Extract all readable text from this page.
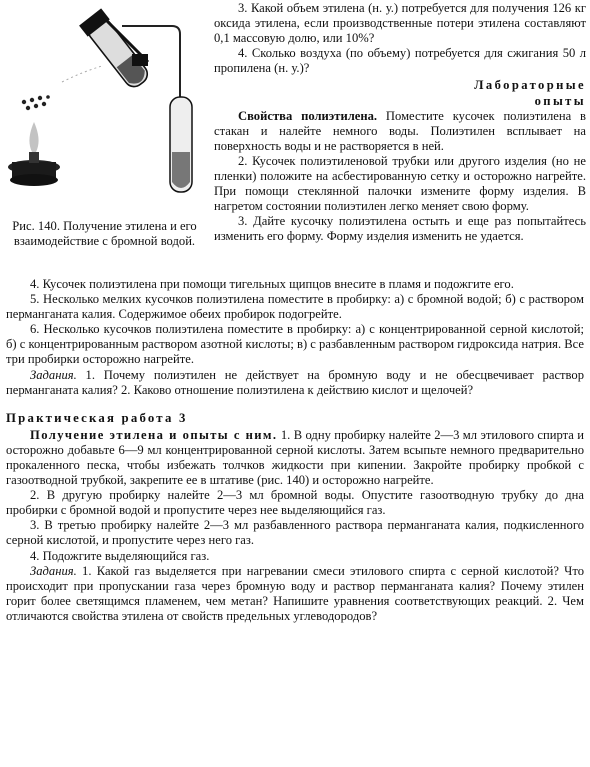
Рис. 140. Получение этилена и его взаимодействие с бромной водой.

3. Какой объем этилена (н. у.) потребуется для получения 126 кг оксида этилена, если производственные потери этилена составляют 0,1 массовую долю, или 10%?

4. Сколько воздуха (по объему) потребуется для сжигания 50 л пропилена (н. у.)?

Лабораторные

опыты

Свойства полиэтилена. Поместите кусочек полиэтилена в стакан и налейте немного воды. Полиэтилен всплывает на поверхность воды и не растворяется в ней.

2. Кусочек полиэтиленовой трубки или другого изделия (но не пленки) положите на асбестированную сетку и осторожно нагрейте. При помощи стеклянной палочки измените форму изделия. В нагретом состоянии полиэтилен легко меняет свою форму.

3. Дайте кусочку полиэтилена остыть и еще раз попытайтесь изменить его форму. Форму изделия изменить не удается.

4. Кусочек полиэтилена при помощи тигельных щипцов внесите в пламя и подожгите его.

5. Несколько мелких кусочков полиэтилена поместите в пробирку: а) с бромной водой; б) с раствором перманганата калия. Содержимое обеих пробирок подогрейте.

6. Несколько кусочков полиэтилена поместите в пробирку: а) с концентрированной серной кислотой; б) с концентрированным раствором азотной кислоты; в) с разбавленным раствором гидроксида натрия. Все три пробирки осторожно нагрейте.

Задания. 1. Почему полиэтилен не действует на бромную воду и не обесцвечивает раствор перманганата калия? 2. Каково отношение полиэтилена к действию кислот и щелочей?

Практическая работа 3

Получение этилена и опыты с ним. 1. В одну пробирку налейте 2—3 мл этилового спирта и осторожно добавьте 6—9 мл концентрированной серной кислоты. Затем всыпьте немного предварительно прокаленного песка, чтобы избежать толчков жидкости при кипении. Закройте пробирку пробкой с газоотводной трубкой, закрепите ее в штативе (рис. 140) и осторожно нагрейте.

2. В другую пробирку налейте 2—3 мл бромной воды. Опустите газоотводную трубку до дна пробирки с бромной водой и пропустите через нее выделяющийся газ.

3. В третью пробирку налейте 2—3 мл разбавленного раствора перманганата калия, подкисленного серной кислотой, и пропустите через него газ.

4. Подожгите выделяющийся газ.

Задания. 1. Какой газ выделяется при нагревании смеси этилового спирта с серной кислотой? Что происходит при пропускании газа через бромную воду и раствор перманганата калия? Почему этилен горит более светящимся пламенем, чем метан? Напишите уравнения соответствующих реакций. 2. Чем отличаются свойства этилена от свойств предельных углеводородов?
